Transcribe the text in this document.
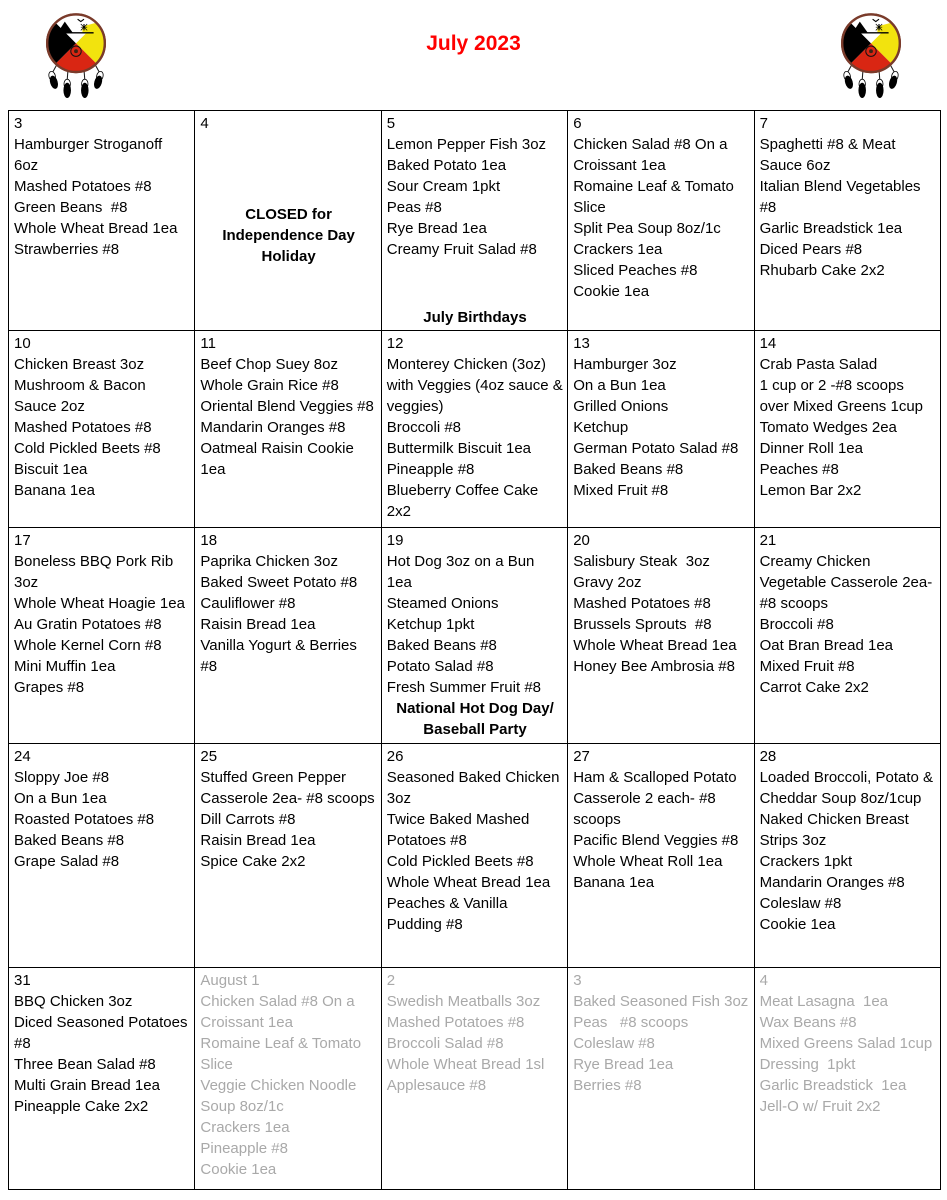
July 2023
3
Hamburger Stroganoff 6oz
Mashed Potatoes #8
Green Beans  #8
Whole Wheat Bread 1ea
Strawberries #8
4
CLOSED for Independence Day Holiday
5
Lemon Pepper Fish 3oz
Baked Potato 1ea
Sour Cream 1pkt
Peas #8
Rye Bread 1ea
Creamy Fruit Salad #8
July Birthdays
6
Chicken Salad #8 On a Croissant 1ea
Romaine Leaf & Tomato Slice
Split Pea Soup 8oz/1c
Crackers 1ea
Sliced Peaches #8
Cookie 1ea
7
Spaghetti #8 & Meat Sauce 6oz
Italian Blend Vegetables #8
Garlic Breadstick 1ea
Diced Pears #8
Rhubarb Cake 2x2
10
Chicken Breast 3oz
Mushroom & Bacon Sauce 2oz
Mashed Potatoes #8
Cold Pickled Beets #8
Biscuit 1ea
Banana 1ea
11
Beef Chop Suey 8oz
Whole Grain Rice #8
Oriental Blend Veggies #8
Mandarin Oranges #8
Oatmeal Raisin Cookie 1ea
12
Monterey Chicken (3oz) with Veggies (4oz sauce & veggies)
Broccoli #8
Buttermilk Biscuit 1ea
Pineapple #8
Blueberry Coffee Cake 2x2
13
Hamburger 3oz
On a Bun 1ea
Grilled Onions
Ketchup
German Potato Salad #8
Baked Beans #8
Mixed Fruit #8
14
Crab Pasta Salad
1 cup or 2 -#8 scoops over Mixed Greens 1cup
Tomato Wedges 2ea
Dinner Roll 1ea
Peaches #8
Lemon Bar 2x2
17
Boneless BBQ Pork Rib 3oz
Whole Wheat Hoagie 1ea
Au Gratin Potatoes #8
Whole Kernel Corn #8
Mini Muffin 1ea
Grapes #8
18
Paprika Chicken 3oz
Baked Sweet Potato #8
Cauliflower #8
Raisin Bread 1ea
Vanilla Yogurt & Berries #8
19
Hot Dog 3oz on a Bun 1ea
Steamed Onions
Ketchup 1pkt
Baked Beans #8
Potato Salad #8
Fresh Summer Fruit #8
National Hot Dog Day/ Baseball Party
20
Salisbury Steak  3oz
Gravy 2oz
Mashed Potatoes #8
Brussels Sprouts  #8
Whole Wheat Bread 1ea
Honey Bee Ambrosia #8
21
Creamy Chicken Vegetable Casserole 2ea- #8 scoops
Broccoli #8
Oat Bran Bread 1ea
Mixed Fruit #8
Carrot Cake 2x2
24
Sloppy Joe #8
On a Bun 1ea
Roasted Potatoes #8
Baked Beans #8
Grape Salad #8
25
Stuffed Green Pepper Casserole 2ea- #8 scoops
Dill Carrots #8
Raisin Bread 1ea
Spice Cake 2x2
26
Seasoned Baked Chicken 3oz
Twice Baked Mashed Potatoes #8
Cold Pickled Beets #8
Whole Wheat Bread 1ea
Peaches & Vanilla Pudding #8
27
Ham & Scalloped Potato Casserole 2 each- #8 scoops
Pacific Blend Veggies #8
Whole Wheat Roll 1ea
Banana 1ea
28
Loaded Broccoli, Potato & Cheddar Soup 8oz/1cup
Naked Chicken Breast Strips 3oz
Crackers 1pkt
Mandarin Oranges #8
Coleslaw #8
Cookie 1ea
31
BBQ Chicken 3oz
Diced Seasoned Potatoes #8
Three Bean Salad #8
Multi Grain Bread 1ea
Pineapple Cake 2x2
August 1
Chicken Salad #8 On a Croissant 1ea
Romaine Leaf & Tomato Slice
Veggie Chicken Noodle Soup 8oz/1c
Crackers 1ea
Pineapple #8
Cookie 1ea
2
Swedish Meatballs 3oz
Mashed Potatoes #8
Broccoli Salad #8
Whole Wheat Bread 1sl
Applesauce #8
3
Baked Seasoned Fish 3oz
Peas   #8 scoops
Coleslaw #8
Rye Bread 1ea
Berries #8
4
Meat Lasagna  1ea
Wax Beans #8
Mixed Greens Salad 1cup
Dressing  1pkt
Garlic Breadstick  1ea
Jell-O w/ Fruit 2x2
